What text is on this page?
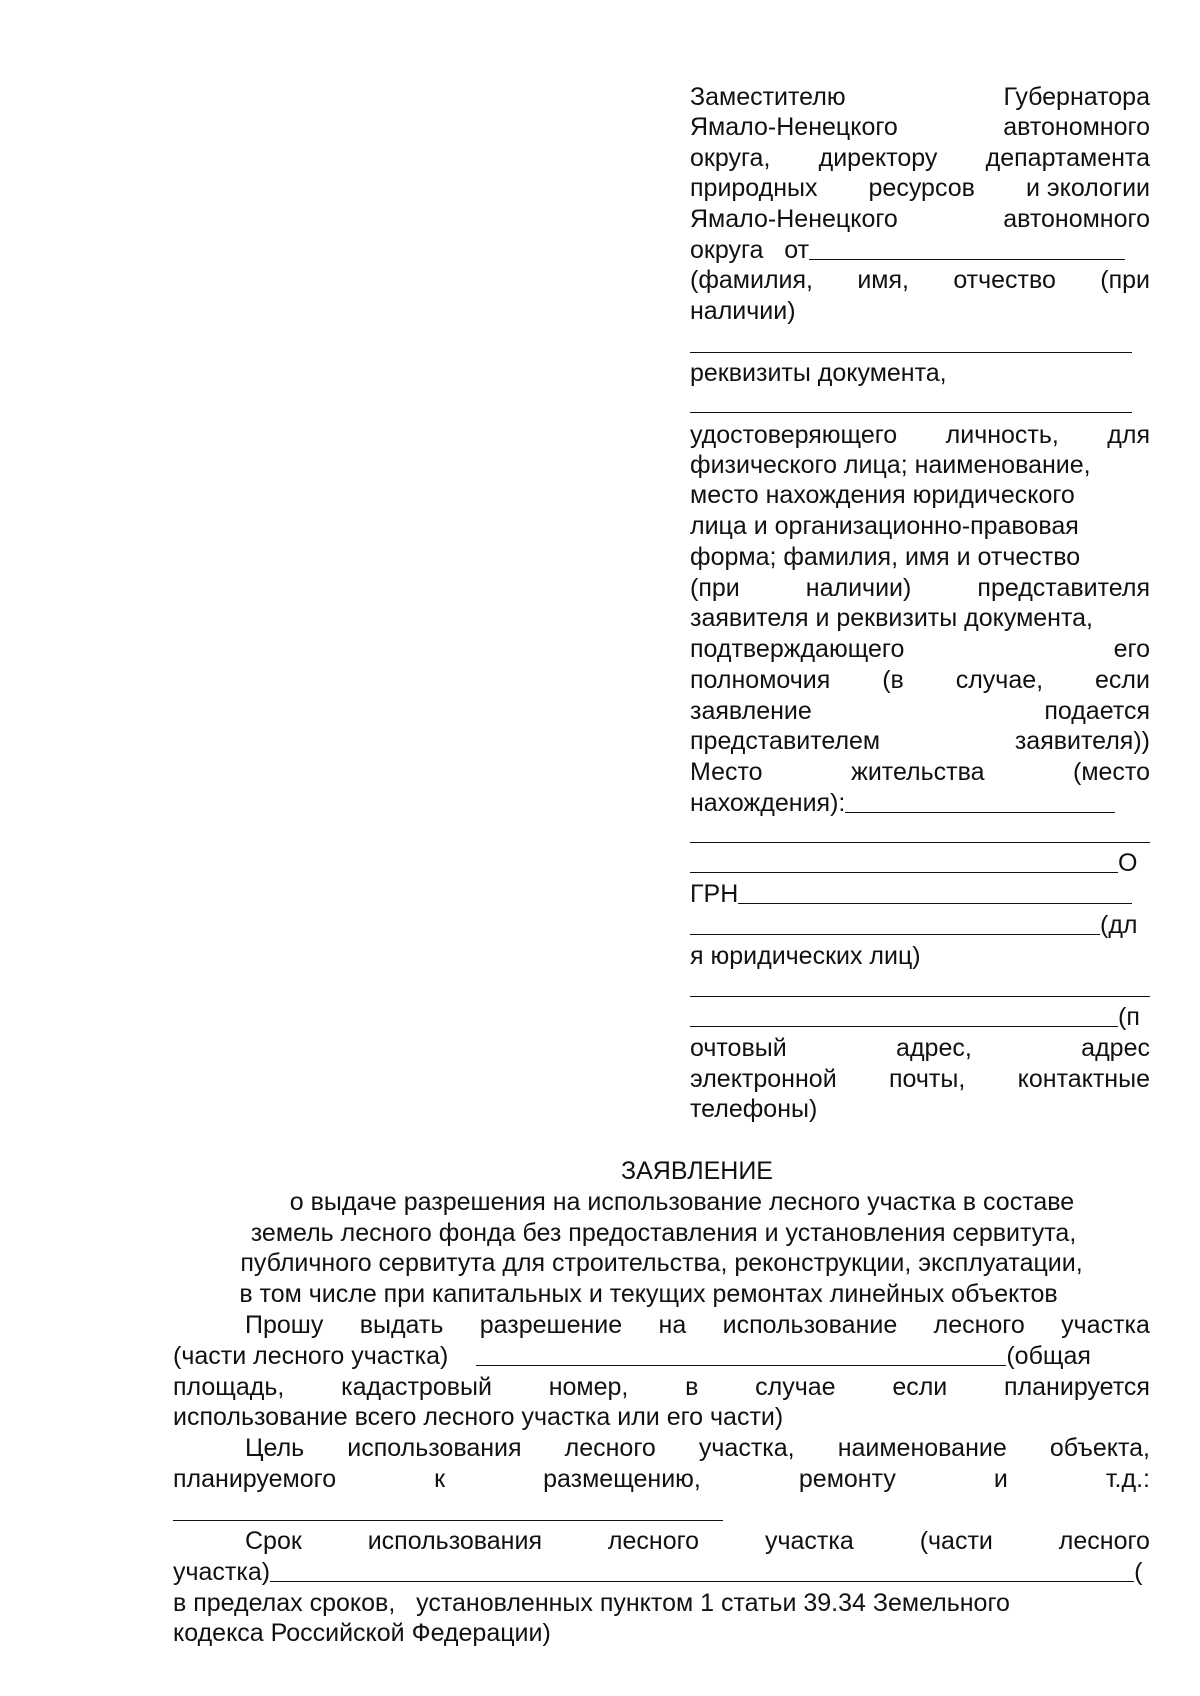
Заместителю	Губернатора

Ямало-Ненецкого	автономного

округа, директору департамента

природных ресурсов и экологии

Ямало-Ненецкого	автономного

округа   от

(фамилия, имя, отчество (при

наличии)

реквизиты документа,

удостоверяющего личность, для

физического лица; наименование,

место нахождения юридического

лица и организационно-правовая

форма; фамилия, имя и отчество

(при	наличии)	представителя

заявителя и реквизиты документа,

подтверждающего	его

полномочия (в случае, если

заявление	подается

представителем	заявителя))

Место	жительства	(место

нахождения):

О

ГРН

(дл

я юридических лиц)

(п

очтовый	адрес,	адрес

электронной почты, контактные

телефоны)

ЗАЯВЛЕНИЕ

о выдаче разрешения на использование лесного участка в составе

земель лесного фонда без предоставления и установления сервитута,

публичного сервитута для строительства, реконструкции, эксплуатации,

в том числе при капитальных и текущих ремонтах линейных объектов

Прошу выдать разрешение на использование лесного участка

(части лесного участка)	(общая

площадь, кадастровый номер, в случае если планируется

использование всего лесного участка или его части)

Цель использования лесного участка, наименование объекта,

планируемого	к	размещению,	ремонту	и	т.д.:

Срок	использования	лесного	участка	(части	лесного

участка)	(

в пределах сроков,   установленных пунктом 1 статьи 39.34 Земельного

кодекса Российской Федерации)
